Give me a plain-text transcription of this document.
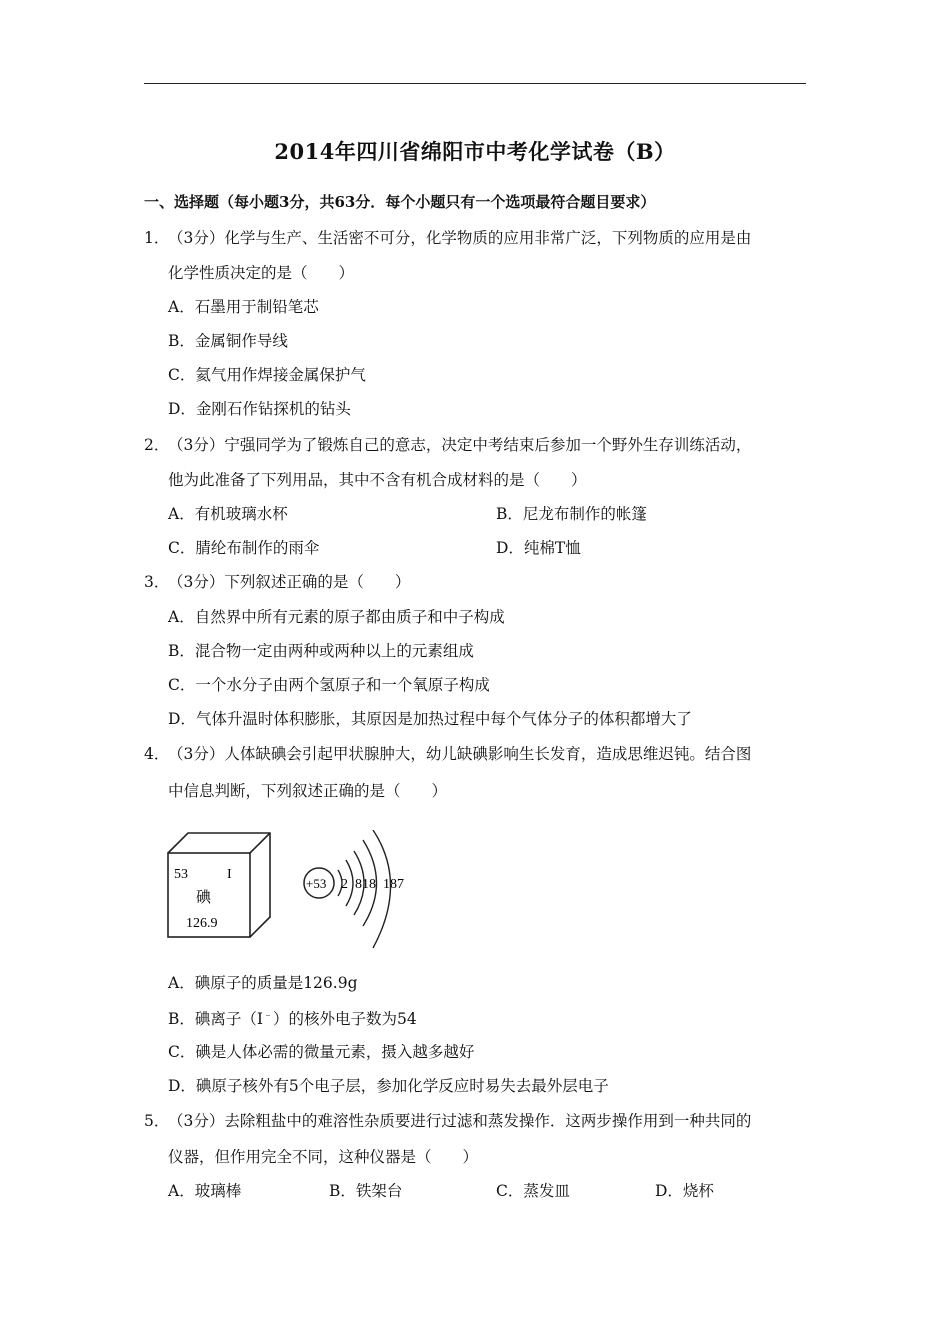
2014年四川省绵阳市中考化学试卷（B）
一、选择题（每小题3分，共63分．每个小题只有一个选项最符合题目要求）
1．
（3分）化学与生产、生活密不可分，化学物质的应用非常广泛，下列物质的应用是由
化学性质决定的是（　　）
A．石墨用于制铅笔芯
B．金属铜作导线
C．氦气用作焊接金属保护气
D．金刚石作钻探机的钻头
2．
（3分）宁强同学为了锻炼自己的意志，决定中考结束后参加一个野外生存训练活动，
他为此准备了下列用品，其中不含有机合成材料的是（　　）
A．有机玻璃水杯	B．尼龙布制作的帐篷
C．腈纶布制作的雨伞	D．纯棉T恤
3．
（3分）下列叙述正确的是（　　）
A．自然界中所有元素的原子都由质子和中子构成
B．混合物一定由两种或两种以上的元素组成
C．一个水分子由两个氢原子和一个氧原子构成
D．气体升温时体积膨胀，其原因是加热过程中每个气体分子的体积都增大了
4．
（3分）人体缺碘会引起甲状腺肿大，幼儿缺碘影响生长发育，造成思维迟钝。结合图
中信息判断，下列叙述正确的是（　　）
53	I
碘
126.9
+53 2  818  187
A．碘原子的质量是126.9g
B．碘离子（I﹣）的核外电子数为54
C．碘是人体必需的微量元素，摄入越多越好
D．碘原子核外有5个电子层，参加化学反应时易失去最外层电子
5．
（3分）去除粗盐中的难溶性杂质要进行过滤和蒸发操作．这两步操作用到一种共同的
仪器，但作用完全不同，这种仪器是（　　）
A．玻璃棒	B．铁架台	C．蒸发皿	D．烧杯
